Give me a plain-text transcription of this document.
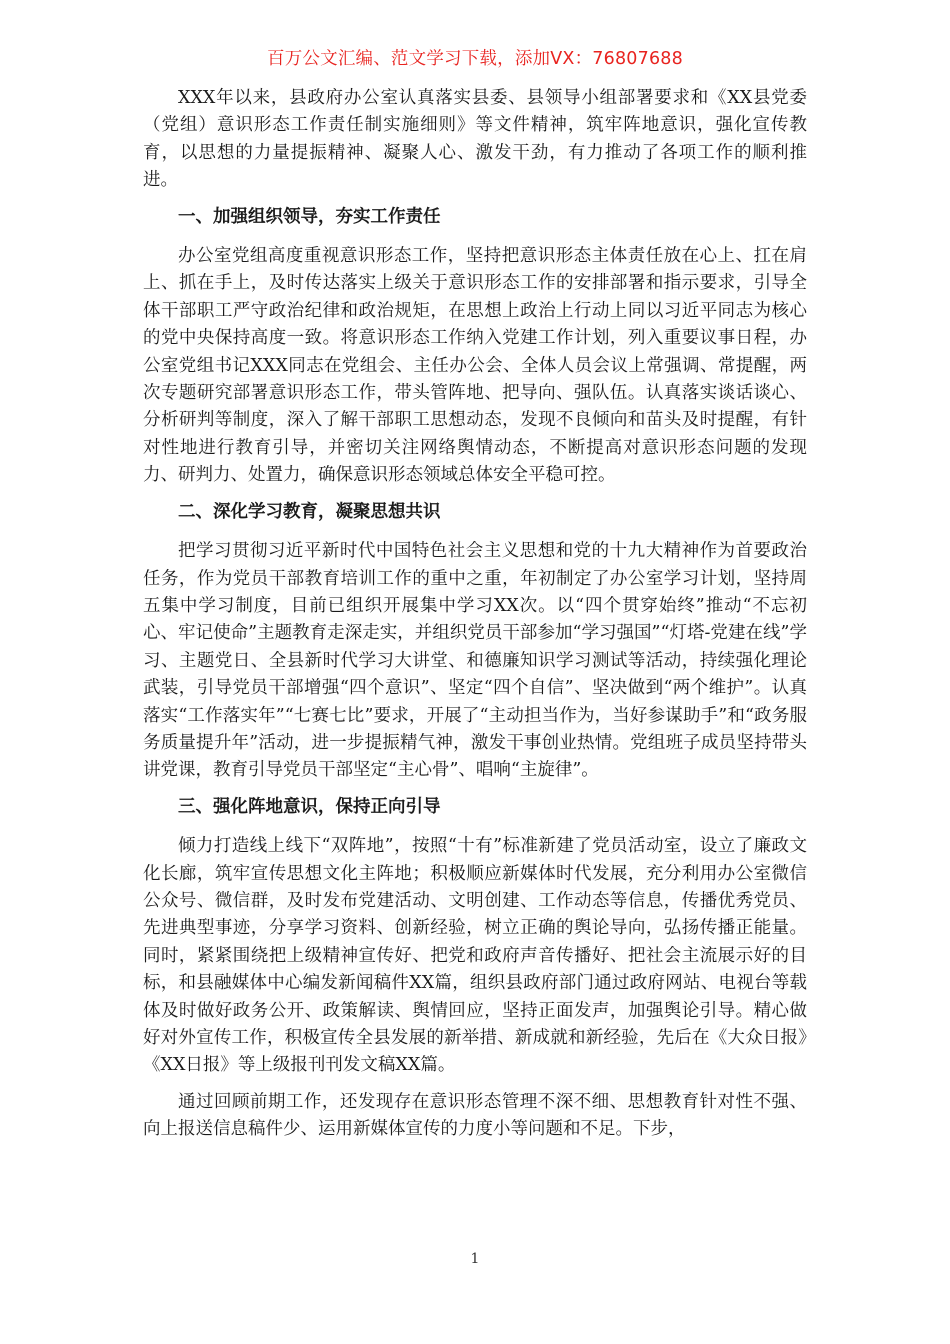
百万公文汇编、范文学习下载，添加VX：76807688

XXX年以来，县政府办公室认真落实县委、县领导小组部署要求和《XX县党委（党组）意识形态工作责任制实施细则》等文件精神，筑牢阵地意识，强化宣传教育，以思想的力量提振精神、凝聚人心、激发干劲，有力推动了各项工作的顺利推进。

一、加强组织领导，夯实工作责任

办公室党组高度重视意识形态工作，坚持把意识形态主体责任放在心上、扛在肩上、抓在手上，及时传达落实上级关于意识形态工作的安排部署和指示要求，引导全体干部职工严守政治纪律和政治规矩，在思想上政治上行动上同以习近平同志为核心的党中央保持高度一致。将意识形态工作纳入党建工作计划，列入重要议事日程，办公室党组书记XXX同志在党组会、主任办公会、全体人员会议上常强调、常提醒，两次专题研究部署意识形态工作，带头管阵地、把导向、强队伍。认真落实谈话谈心、分析研判等制度，深入了解干部职工思想动态，发现不良倾向和苗头及时提醒，有针对性地进行教育引导，并密切关注网络舆情动态，不断提高对意识形态问题的发现力、研判力、处置力，确保意识形态领域总体安全平稳可控。

二、深化学习教育，凝聚思想共识

把学习贯彻习近平新时代中国特色社会主义思想和党的十九大精神作为首要政治任务，作为党员干部教育培训工作的重中之重，年初制定了办公室学习计划，坚持周五集中学习制度，目前已组织开展集中学习XX次。以“四个贯穿始终”推动“不忘初心、牢记使命”主题教育走深走实，并组织党员干部参加“学习强国”“灯塔-党建在线”学习、主题党日、全县新时代学习大讲堂、和德廉知识学习测试等活动，持续强化理论武装，引导党员干部增强“四个意识”、坚定“四个自信”、坚决做到“两个维护”。认真落实“工作落实年”“七赛七比”要求，开展了“主动担当作为，当好参谋助手”和“政务服务质量提升年”活动，进一步提振精气神，激发干事创业热情。党组班子成员坚持带头讲党课，教育引导党员干部坚定“主心骨”、唱响“主旋律”。

三、强化阵地意识，保持正向引导

倾力打造线上线下“双阵地”，按照“十有”标准新建了党员活动室，设立了廉政文化长廊，筑牢宣传思想文化主阵地；积极顺应新媒体时代发展，充分利用办公室微信公众号、微信群，及时发布党建活动、文明创建、工作动态等信息，传播优秀党员、先进典型事迹，分享学习资料、创新经验，树立正确的舆论导向，弘扬传播正能量。同时，紧紧围绕把上级精神宣传好、把党和政府声音传播好、把社会主流展示好的目标，和县融媒体中心编发新闻稿件XX篇，组织县政府部门通过政府网站、电视台等载体及时做好政务公开、政策解读、舆情回应，坚持正面发声，加强舆论引导。精心做好对外宣传工作，积极宣传全县发展的新举措、新成就和新经验，先后在《大众日报》《XX日报》等上级报刊刊发文稿XX篇。

通过回顾前期工作，还发现存在意识形态管理不深不细、思想教育针对性不强、向上报送信息稿件少、运用新媒体宣传的力度小等问题和不足。下步，

1
